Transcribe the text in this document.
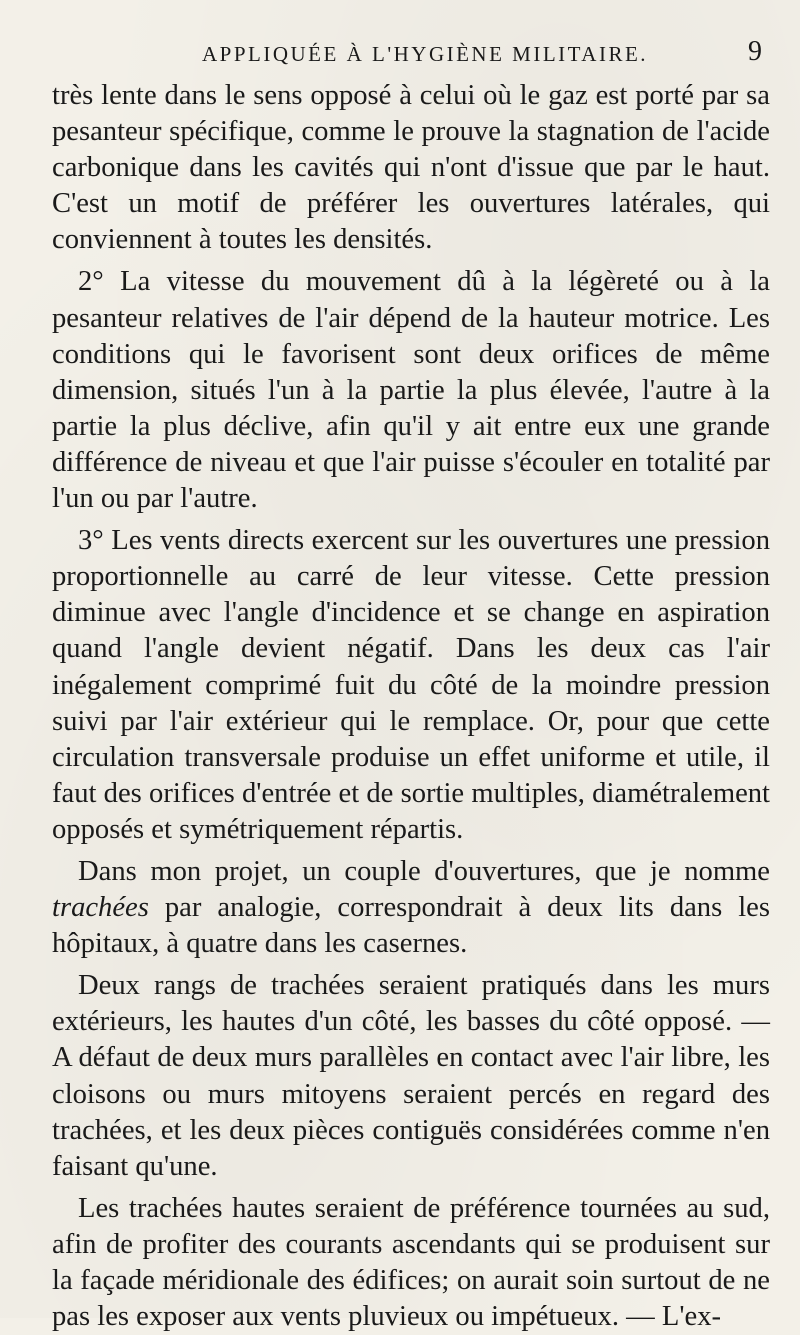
APPLIQUÉE À L'HYGIÈNE MILITAIRE.	9

très lente dans le sens opposé à celui où le gaz est porté par sa pesanteur spécifique, comme le prouve la stagnation de l'acide carbonique dans les cavités qui n'ont d'issue que par le haut. C'est un motif de préférer les ouvertures latérales, qui conviennent à toutes les densités.

2° La vitesse du mouvement dû à la légèreté ou à la pesanteur relatives de l'air dépend de la hauteur motrice. Les conditions qui le favorisent sont deux orifices de même dimension, situés l'un à la partie la plus élevée, l'autre à la partie la plus déclive, afin qu'il y ait entre eux une grande différence de niveau et que l'air puisse s'écouler en totalité par l'un ou par l'autre.

3° Les vents directs exercent sur les ouvertures une pression proportionnelle au carré de leur vitesse. Cette pression diminue avec l'angle d'incidence et se change en aspiration quand l'angle devient négatif. Dans les deux cas l'air inégalement comprimé fuit du côté de la moindre pression suivi par l'air extérieur qui le remplace. Or, pour que cette circulation transversale produise un effet uniforme et utile, il faut des orifices d'entrée et de sortie multiples, diamétralement opposés et symétriquement répartis.

Dans mon projet, un couple d'ouvertures, que je nomme trachées par analogie, correspondrait à deux lits dans les hôpitaux, à quatre dans les casernes.

Deux rangs de trachées seraient pratiqués dans les murs extérieurs, les hautes d'un côté, les basses du côté opposé. — A défaut de deux murs parallèles en contact avec l'air libre, les cloisons ou murs mitoyens seraient percés en regard des trachées, et les deux pièces contiguës considérées comme n'en faisant qu'une.

Les trachées hautes seraient de préférence tournées au sud, afin de profiter des courants ascendants qui se produisent sur la façade méridionale des édifices; on aurait soin surtout de ne pas les exposer aux vents pluvieux ou impétueux. — L'ex-
